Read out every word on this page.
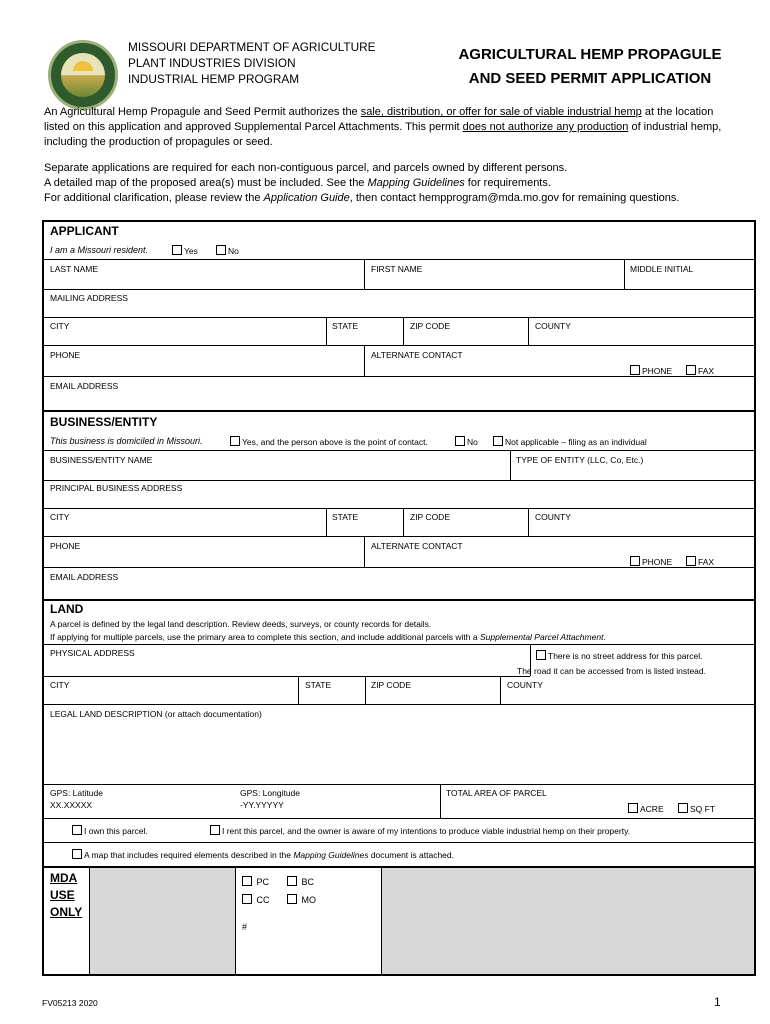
MISSOURI DEPARTMENT OF AGRICULTURE
PLANT INDUSTRIES DIVISION
INDUSTRIAL HEMP PROGRAM
AGRICULTURAL HEMP PROPAGULE
AND SEED PERMIT APPLICATION

An Agricultural Hemp Propagule and Seed Permit authorizes the sale, distribution, or offer for sale of viable industrial hemp at the location listed on this application and approved Supplemental Parcel Attachments. This permit does not authorize any production of industrial hemp, including the production of propagules or seed.

Separate applications are required for each non-contiguous parcel, and parcels owned by different persons.
A detailed map of the proposed area(s) must be included. See the Mapping Guidelines for requirements.
For additional clarification, please review the Application Guide, then contact hempprogram@mda.mo.gov for remaining questions.

APPLICANT
I am a Missouri resident.	Yes	No
LAST NAME	FIRST NAME	MIDDLE INITIAL
MAILING ADDRESS
CITY	STATE	ZIP CODE	COUNTY
PHONE	ALTERNATE CONTACT
PHONE	FAX
EMAIL ADDRESS
BUSINESS/ENTITY
This business is domiciled in Missouri.	Yes, and the person above is the point of contact.	No	Not applicable – filing as an individual
BUSINESS/ENTITY NAME	TYPE OF ENTITY (LLC, Co, Etc.)
PRINCIPAL BUSINESS ADDRESS
CITY	STATE	ZIP CODE	COUNTY
PHONE	ALTERNATE CONTACT
PHONE	FAX
EMAIL ADDRESS
LAND
A parcel is defined by the legal land description. Review deeds, surveys, or county records for details.
If applying for multiple parcels, use the primary area to complete this section, and include additional parcels with a Supplemental Parcel Attachment.
PHYSICAL ADDRESS	There is no street address for this parcel.
The road it can be accessed from is listed instead.
CITY	STATE	ZIP CODE	COUNTY
LEGAL LAND DESCRIPTION (or attach documentation)
GPS: Latitude
XX.XXXXX
GPS: Longitude
-YY.YYYYY
TOTAL AREA OF PARCEL
ACRE	SQ FT
I own this parcel.	I rent this parcel, and the owner is aware of my intentions to produce viable industrial hemp on their property.
A map that includes required elements described in the Mapping Guidelines document is attached.
MDA
USE
ONLY
PC	BC
CC	MO
#
FV05213 2020	1
